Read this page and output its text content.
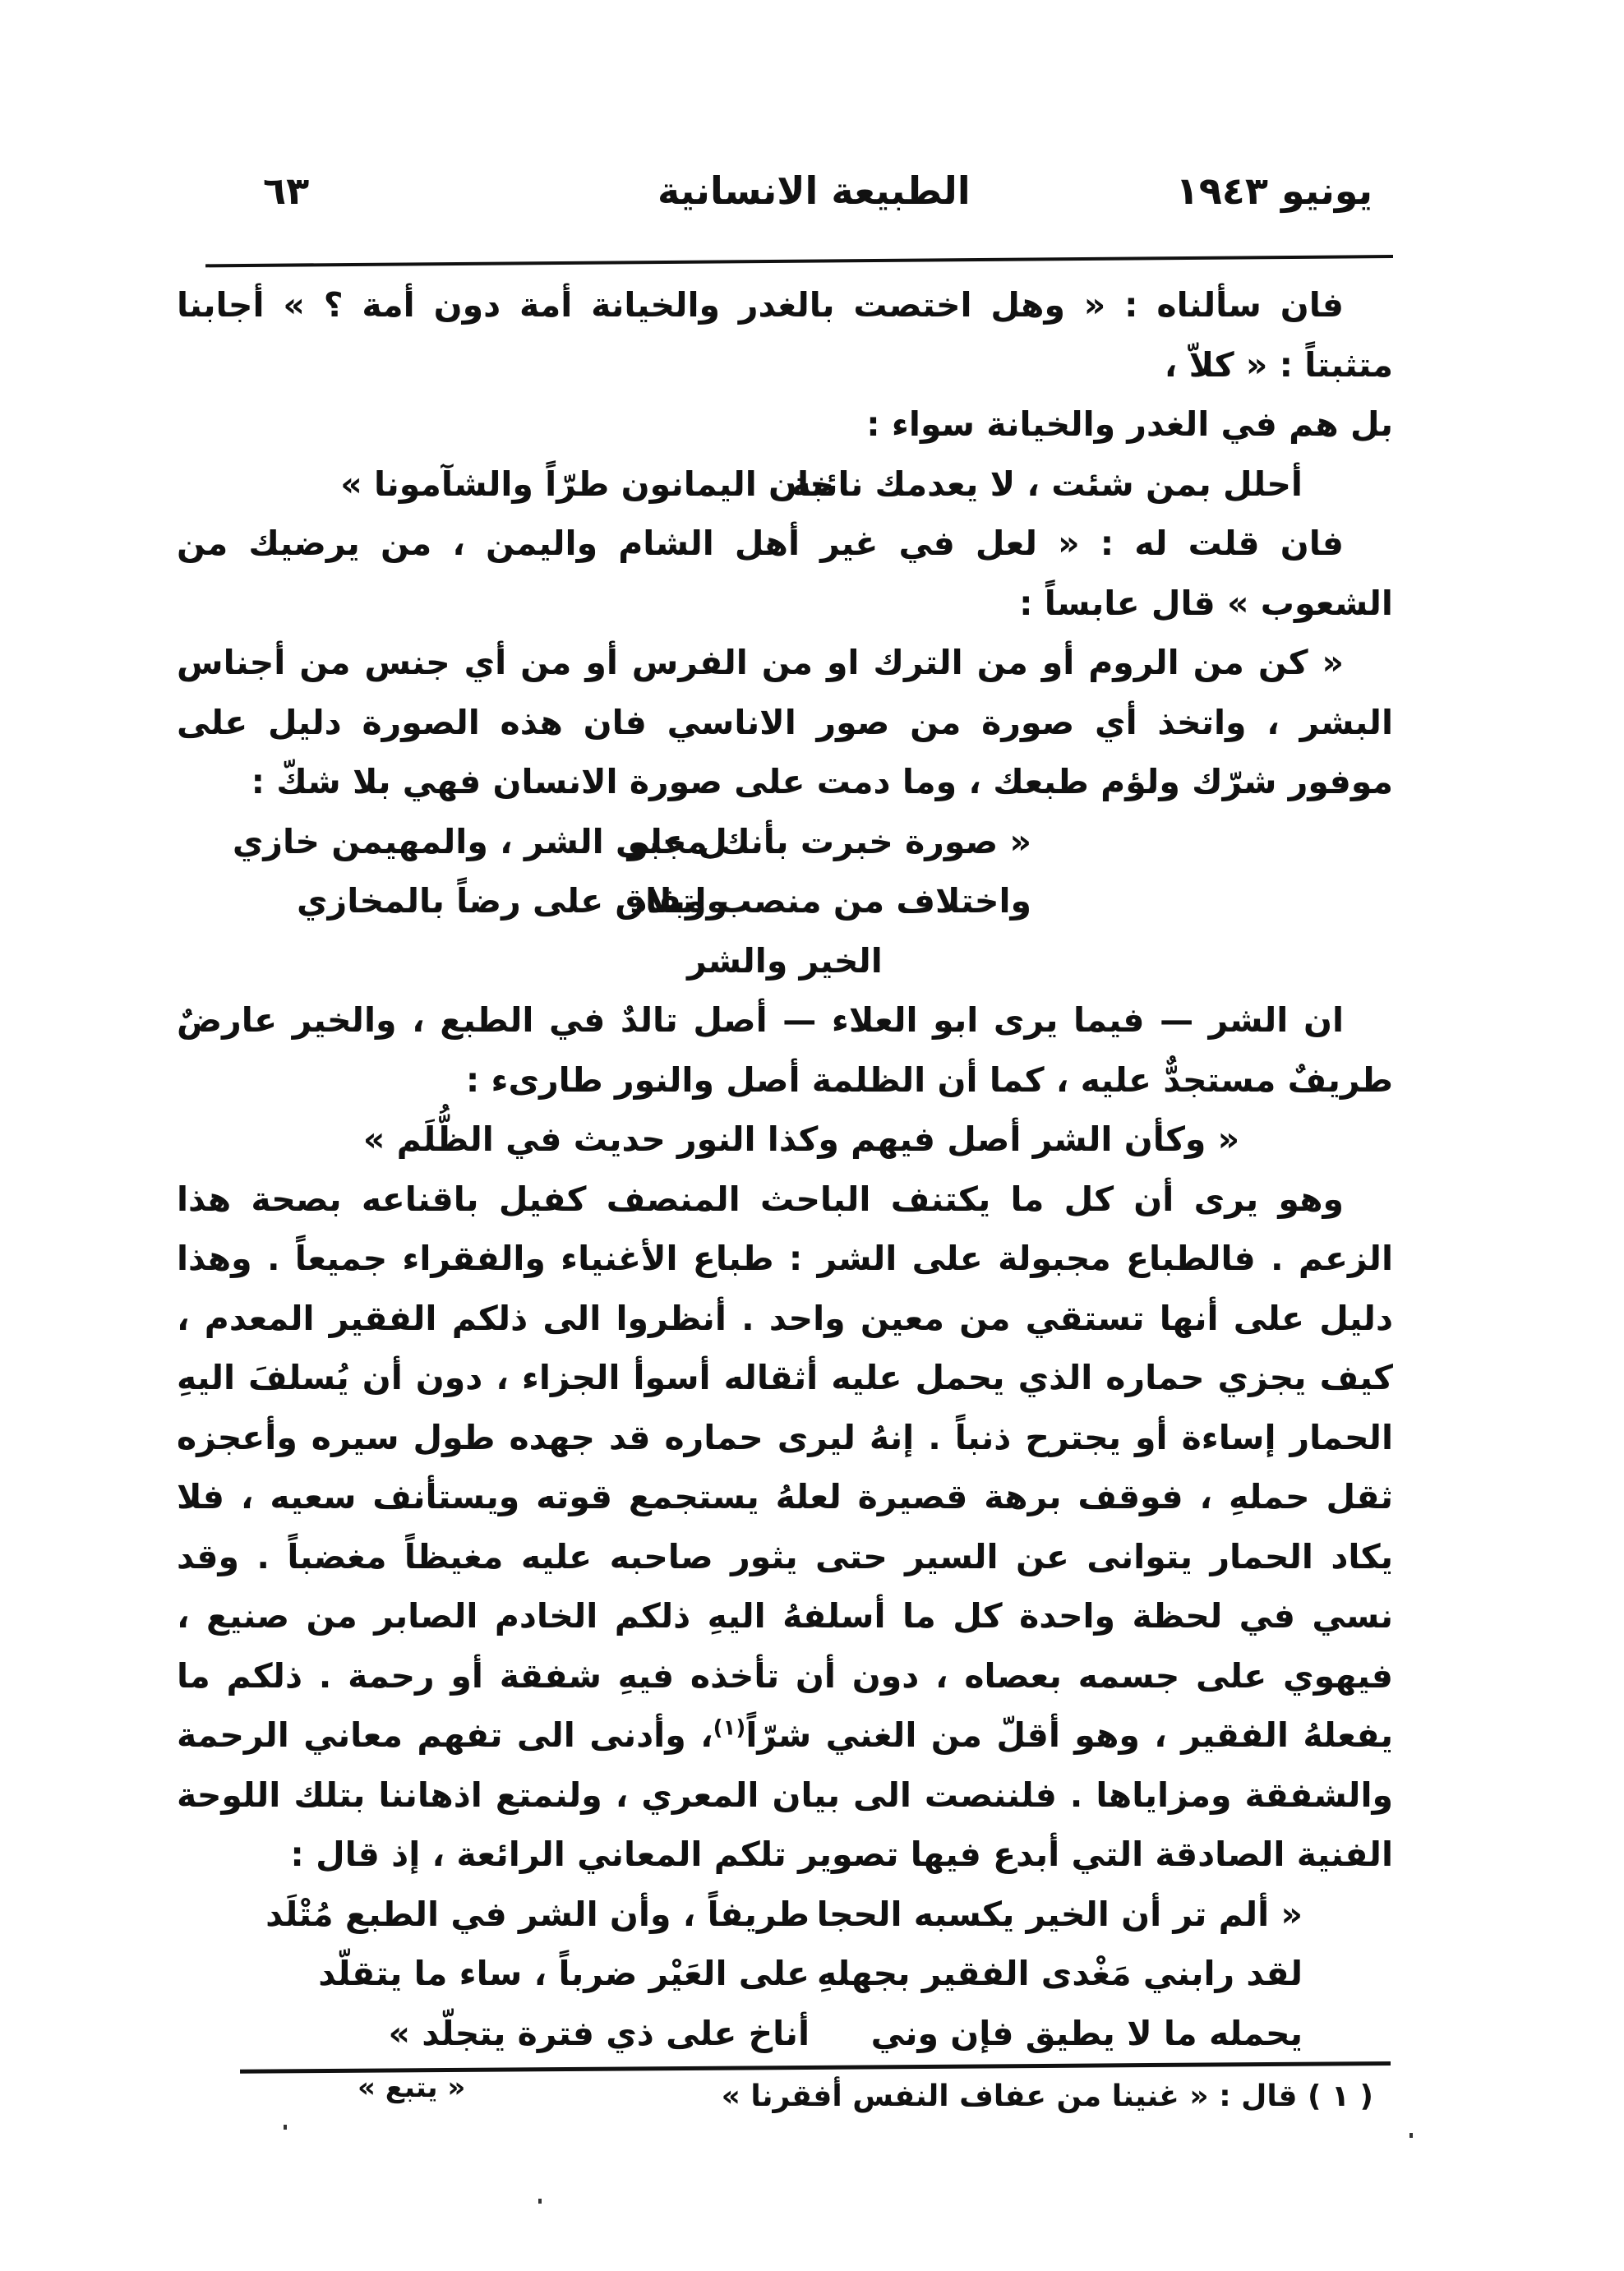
يونيو ١٩٤٣
الطبيعة الانسانية
٦٣

فان سألناه : « وهل اختصت بالغدر والخيانة أمة دون أمة ؟ » أجابنا متثبتاً : « كلاّ ،
بل هم في الغدر والخيانة سواء :

أحلل بمن شئت ، لا يعدمك نائبة
خان اليمانون طرّاً والشآمونا »

فان قلت له : « لعل في غير أهل الشام واليمن ، من يرضيك من الشعوب » قال عابساً :

« كن من الروم أو من الترك او من الفرس أو من أي جنس من أجناس البشر ، واتخذ أي صورة من صور الاناسي فان هذه الصورة دليل على موفور شرّك ولؤم طبعك ، وما دمت على صورة الانسان فهي بلا شكّ :

« صورة خبرت بأنك مجبو
ل على الشر ، والمهيمن خازي
واختلاف من منصب وبلاد
واتفاق على رضاً بالمخازي

الخير والشر

ان الشر — فيما يرى ابو العلاء — أصل تالدٌ في الطبع ، والخير عارضٌ طريفٌ مستجدٌّ عليه ، كما أن الظلمة أصل والنور طارىء :

« وكأن الشر أصل فيهم وكذا النور حديث في الظُّلَم »

وهو يرى أن كل ما يكتنف الباحث المنصف كفيل باقناعه بصحة هذا الزعم . فالطباع مجبولة على الشر : طباع الأغنياء والفقراء جميعاً . وهذا دليل على أنها تستقي من معين واحد . أنظروا الى ذلكم الفقير المعدم ، كيف يجزي حماره الذي يحمل عليه أثقاله أسوأ الجزاء ، دون أن يُسلفَ اليهِ الحمار إساءة أو يجترح ذنباً . إنهُ ليرى حماره قد جهده طول سيره وأعجزه ثقل حملهِ ، فوقف برهة قصيرة لعلهُ يستجمع قوته ويستأنف سعيه ، فلا يكاد الحمار يتوانى عن السير حتى يثور صاحبه عليه مغيظاً مغضباً . وقد نسي في لحظة واحدة كل ما أسلفهُ اليهِ ذلكم الخادم الصابر من صنيع ، فيهوي على جسمه بعصاه ، دون أن تأخذه فيهِ شفقة أو رحمة . ذلكم ما يفعلهُ الفقير ، وهو أقلّ من الغني شرّاً$^{(١)}$، وأدنى الى تفهم معاني الرحمة والشفقة ومزاياها . فلننصت الى بيان المعري ، ولنمتع اذهاننا بتلك اللوحة الفنية الصادقة التي أبدع فيها تصوير تلكم المعاني الرائعة ، إذ قال :

« ألم تر أن الخير يكسبه الحجا
طريفاً ، وأن الشر في الطبع مُتْلَد
لقد رابني مَغْدى الفقير بجهلهِ
على العَيْر ضرباً ، ساء ما يتقلّد
يحمله ما لا يطيق فإن وني
أناخ على ذي فترة يتجلّد »

« يتبع »	( ١ ) قال : « غنينا من عفاف النفس أفقرنا »
